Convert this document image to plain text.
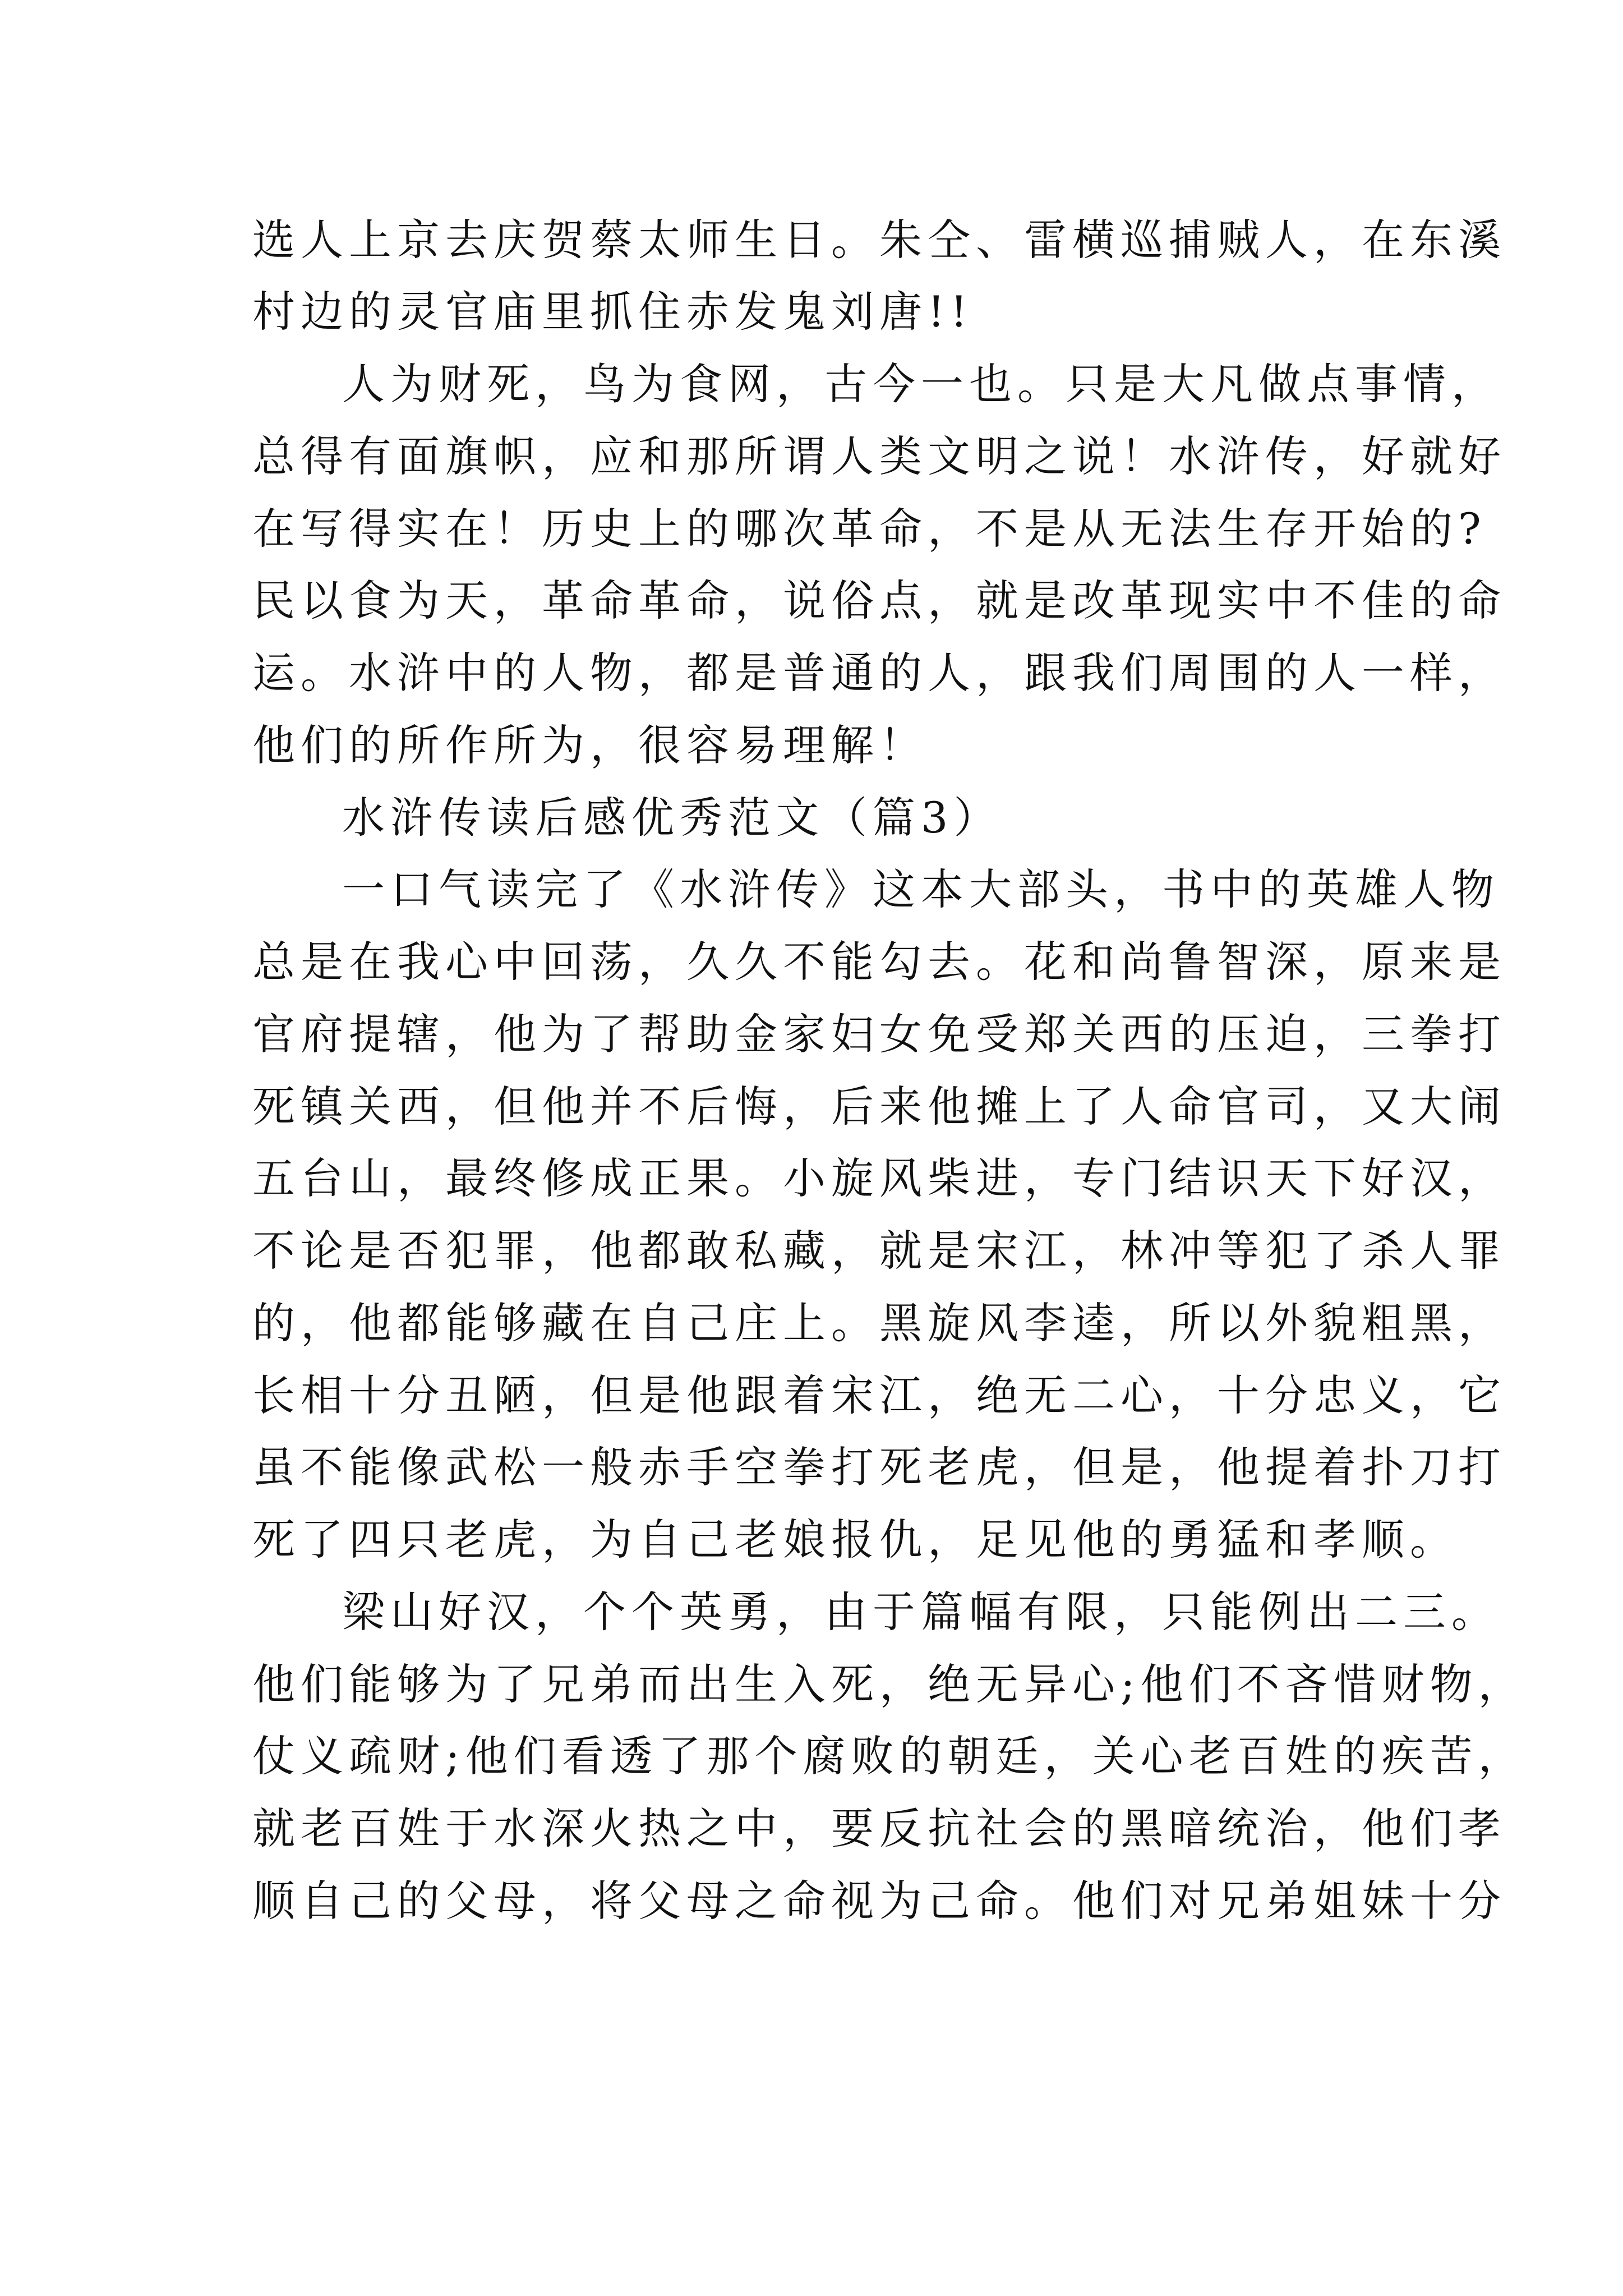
选人上京去庆贺蔡太师生日。朱仝、雷横巡捕贼人，在东溪
村边的灵官庙里抓住赤发鬼刘唐!!
人为财死，鸟为食网，古今一也。只是大凡做点事情，
总得有面旗帜，应和那所谓人类文明之说！水浒传，好就好
在写得实在！历史上的哪次革命，不是从无法生存开始的?
民以食为天，革命革命，说俗点，就是改革现实中不佳的命
运。水浒中的人物，都是普通的人，跟我们周围的人一样，
他们的所作所为，很容易理解！
水浒传读后感优秀范文（篇3）
一口气读完了《水浒传》这本大部头，书中的英雄人物
总是在我心中回荡，久久不能勾去。花和尚鲁智深，原来是
官府提辖，他为了帮助金家妇女免受郑关西的压迫，三拳打
死镇关西，但他并不后悔，后来他摊上了人命官司，又大闹
五台山，最终修成正果。小旋风柴进，专门结识天下好汉，
不论是否犯罪，他都敢私藏，就是宋江，林冲等犯了杀人罪
的，他都能够藏在自己庄上。黑旋风李逵，所以外貌粗黑，
长相十分丑陋，但是他跟着宋江，绝无二心，十分忠义，它
虽不能像武松一般赤手空拳打死老虎，但是，他提着扑刀打
死了四只老虎，为自己老娘报仇，足见他的勇猛和孝顺。
梁山好汉，个个英勇，由于篇幅有限，只能例出二三。
他们能够为了兄弟而出生入死，绝无异心;他们不吝惜财物，
仗义疏财;他们看透了那个腐败的朝廷，关心老百姓的疾苦，
就老百姓于水深火热之中，要反抗社会的黑暗统治，他们孝
顺自己的父母，将父母之命视为己命。他们对兄弟姐妹十分
